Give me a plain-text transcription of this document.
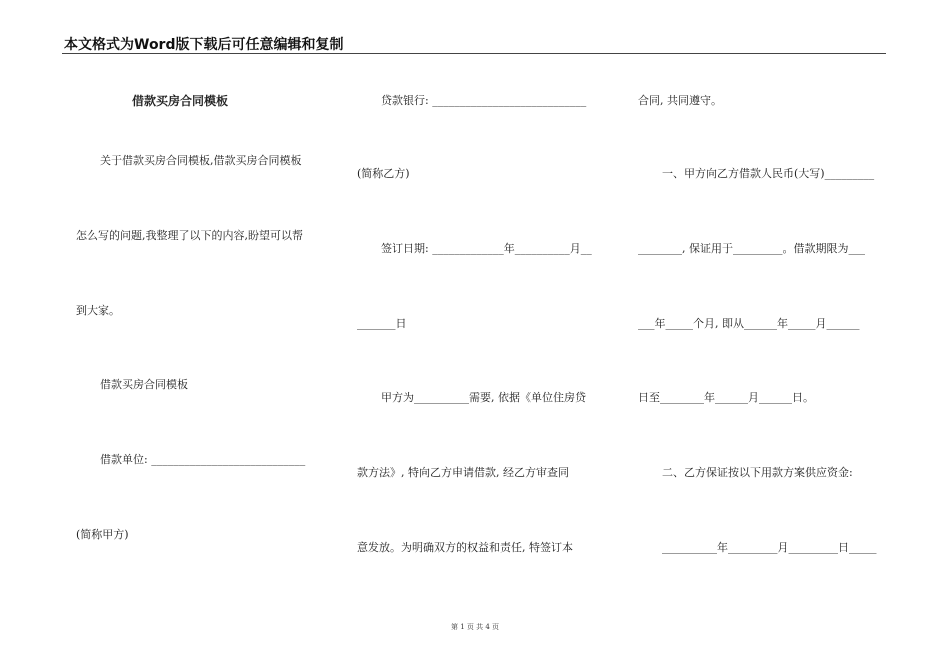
本文格式为Word版下载后可任意编辑和复制
借款买房合同模板
关于借款买房合同模板,借款买房合同模板
怎么写的问题,我整理了以下的内容,盼望可以帮
到大家。
借款买房合同模板
借款单位: ____________________________
(简称甲方)
贷款银行: ____________________________
(简称乙方)
签订日期: _____________年__________月__
_______日
甲方为__________需要, 依据《单位住房贷
款方法》, 特向乙方申请借款, 经乙方审查同
意发放。为明确双方的权益和责任, 特签订本
合同, 共同遵守。
一、甲方向乙方借款人民币(大写)_________
________, 保证用于_________。借款期限为___
___年_____个月, 即从______年_____月______
日至________年______月______日。
二、乙方保证按以下用款方案供应资金:
__________年_________月_________日_____
第 1 页 共 4 页
